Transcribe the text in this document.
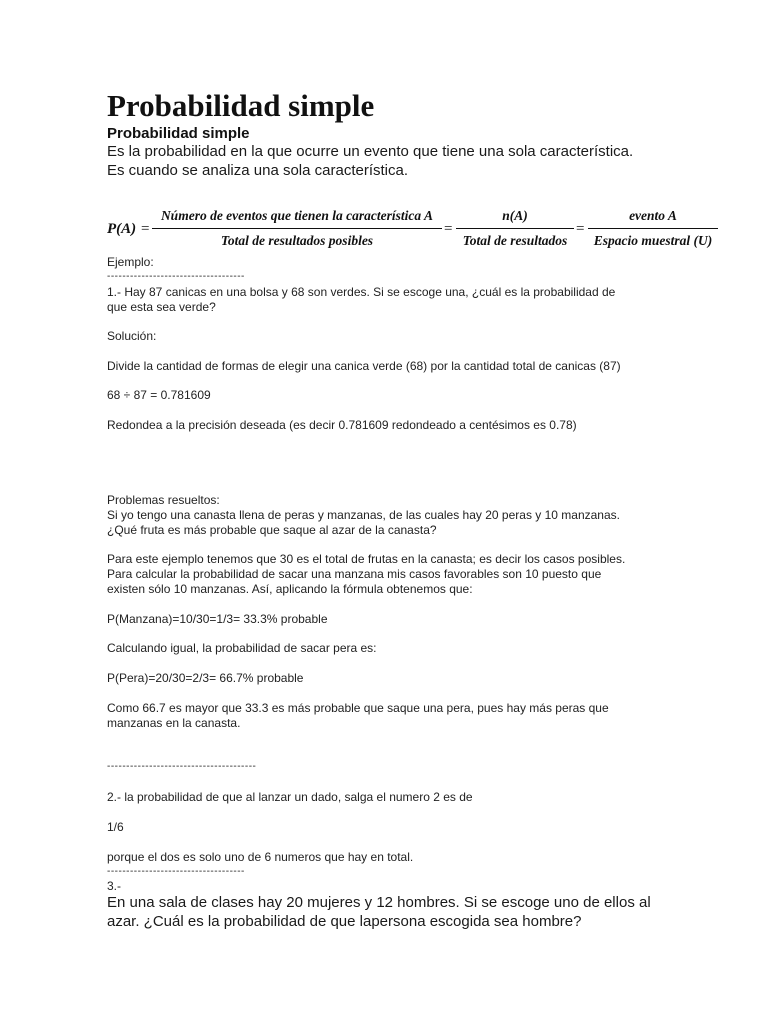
Probabilidad simple
Probabilidad simple
Es la probabilidad en la que ocurre un evento que tiene una sola característica.
Es cuando se analiza una sola característica.
P(A) =
Número de eventos que tienen la característica A
Total de resultados posibles
=
n(A)
Total de resultados
=
evento A
Espacio muestral (U)
Ejemplo:
------------------------------------
1.- Hay 87 canicas en una bolsa y 68 son verdes. Si se escoge una, ¿cuál es la probabilidad de
que esta sea verde?
Solución:
Divide la cantidad de formas de elegir una canica verde (68) por la cantidad total de canicas (87)
68 ÷ 87 = 0.781609
Redondea a la precisión deseada (es decir 0.781609 redondeado a centésimos es 0.78)
Problemas resueltos:
Si yo tengo una canasta llena de peras y manzanas, de las cuales hay 20 peras y 10 manzanas.
¿Qué fruta es más probable que saque al azar de la canasta?
Para este ejemplo tenemos que 30 es el total de frutas en la canasta; es decir los casos posibles.
Para calcular la probabilidad de sacar una manzana mis casos favorables son 10 puesto que
existen sólo 10 manzanas. Así, aplicando la fórmula obtenemos que:
P(Manzana)=10/30=1/3= 33.3% probable
Calculando igual, la probabilidad de sacar pera es:
P(Pera)=20/30=2/3= 66.7% probable
Como 66.7 es mayor que 33.3 es más probable que saque una pera, pues hay más peras que
manzanas en la canasta.
---------------------------------------
2.- la probabilidad de que al lanzar un dado, salga el numero 2 es de
1/6
porque el dos es solo uno de 6 numeros que hay en total.
------------------------------------
3.-
En una sala de clases hay 20 mujeres y 12 hombres. Si se escoge uno de ellos al
azar. ¿Cuál es la probabilidad de que lapersona escogida sea hombre?
